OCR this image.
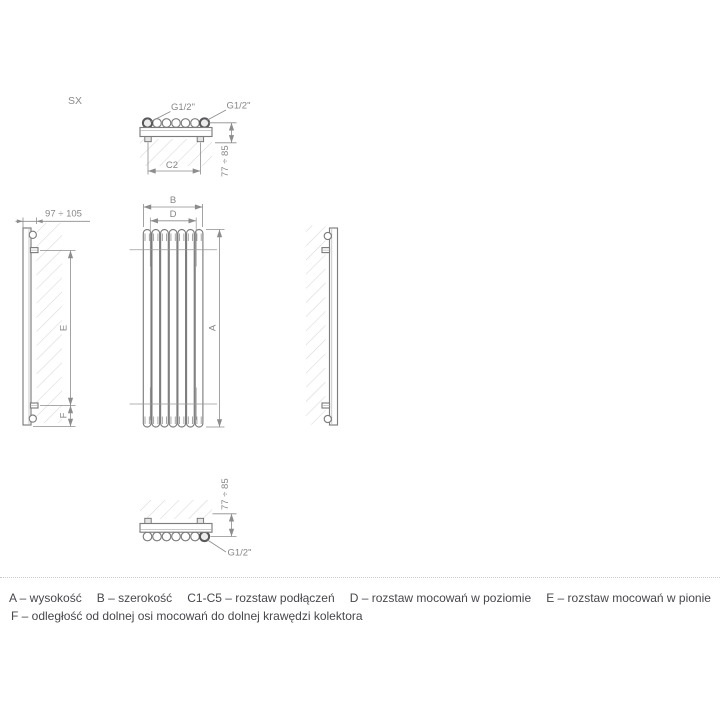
SX
G1/2"	G1/2"
C2	77 ÷ 85
B
D
A
97 ÷ 105
E
F
G1/2"
77 ÷ 85
A – wysokość B – szerokość C1-C5 – rozstaw podłączeń D – rozstaw mocowań w poziomie E – rozstaw mocowań w pionie
F – odległość od dolnej osi mocowań do dolnej krawędzi kolektora
